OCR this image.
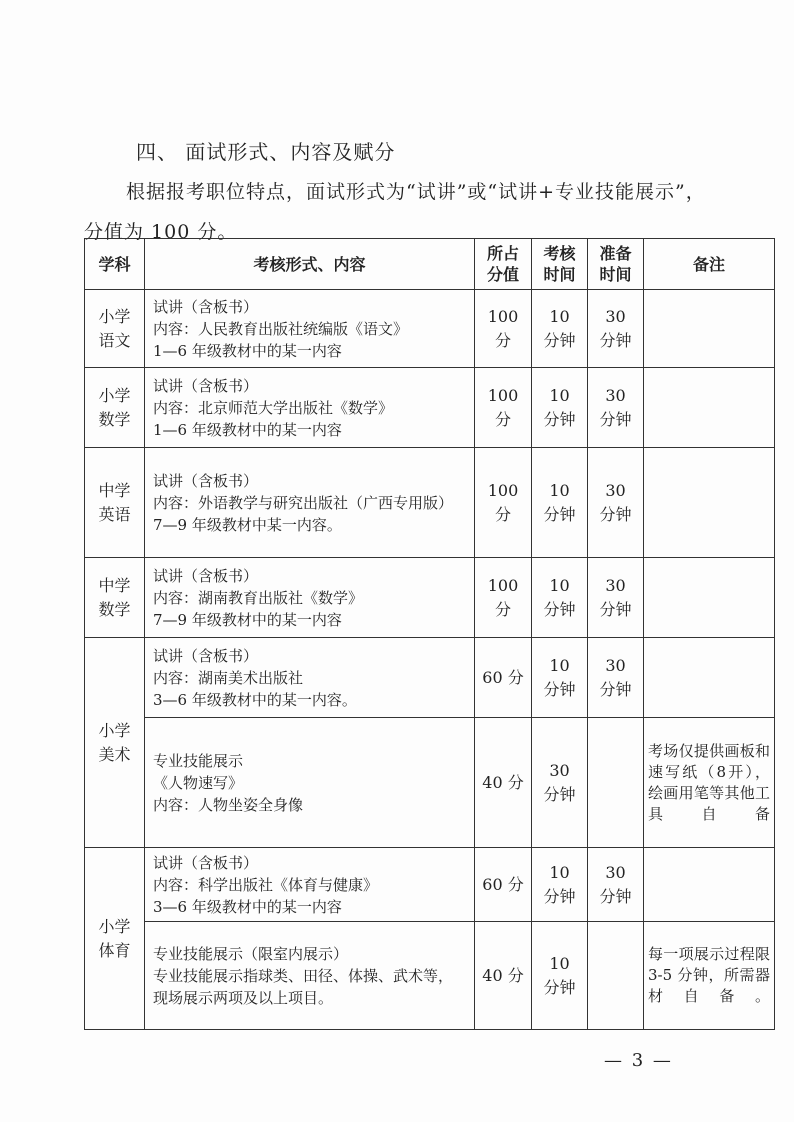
四、 面试形式、内容及赋分
根据报考职位特点，面试形式为“试讲”或“试讲+专业技能展示”，分值为 100 分。
学科	考核形式、内容	所占分值	考核时间	准备时间	备注
小学语文	试讲（含板书）
内容：人民教育出版社统编版《语文》
1—6 年级教材中的某一内容	100分	10分钟	30分钟	
小学数学	试讲（含板书）
内容：北京师范大学出版社《数学》
1—6 年级教材中的某一内容	100分	10分钟	30分钟	
中学英语	试讲（含板书）
内容：外语教学与研究出版社（广西专用版）
7—9 年级教材中某一内容。	100分	10分钟	30分钟	
中学数学	试讲（含板书）
内容：湖南教育出版社《数学》
7—9 年级教材中的某一内容	100分	10分钟	30分钟	
小学美术	试讲（含板书）
内容：湖南美术出版社
3—6 年级教材中的某一内容。	60 分	10分钟	30分钟	

	专业技能展示
《人物速写》
内容：人物坐姿全身像	40 分	30分钟		考场仅提供画板和速写纸（8开），绘画用笔等其他工具自备
小学体育	试讲（含板书）
内容：科学出版社《体育与健康》
3—6 年级教材中的某一内容	60 分	10分钟	30分钟	

	专业技能展示（限室内展示）
专业技能展示指球类、田径、体操、武术等，现场展示两项及以上项目。	40 分	10分钟		每一项展示过程限 3-5 分钟，所需器材自备。
— 3 —
